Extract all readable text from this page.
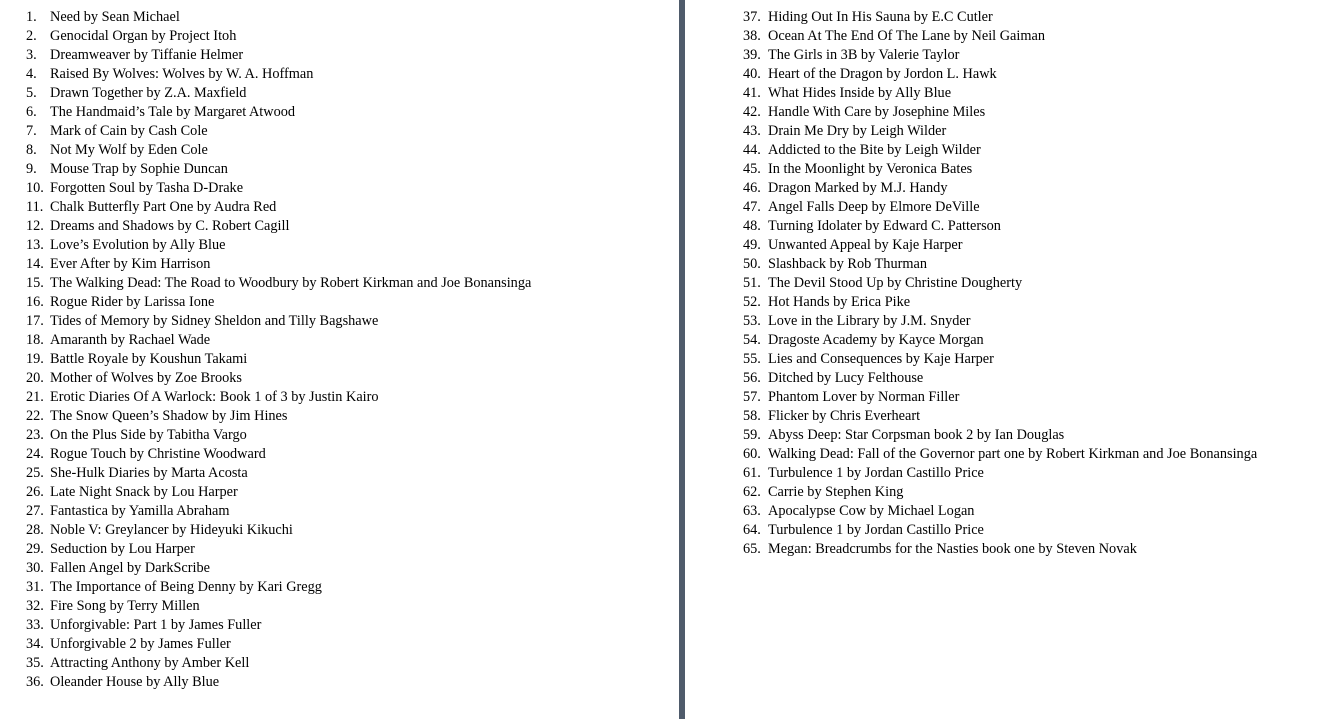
1. Need by Sean Michael
2. Genocidal Organ by Project Itoh
3. Dreamweaver by Tiffanie Helmer
4. Raised By Wolves: Wolves by W. A. Hoffman
5. Drawn Together by Z.A. Maxfield
6. The Handmaid’s Tale by Margaret Atwood
7. Mark of Cain by Cash Cole
8. Not My Wolf by Eden Cole
9. Mouse Trap by Sophie Duncan
10. Forgotten Soul by Tasha D-Drake
11. Chalk Butterfly Part One by Audra Red
12. Dreams and Shadows by C. Robert Cagill
13. Love’s Evolution by Ally Blue
14. Ever After by Kim Harrison
15. The Walking Dead: The Road to Woodbury by Robert Kirkman and Joe Bonansinga
16. Rogue Rider by Larissa Ione
17. Tides of Memory by Sidney Sheldon and Tilly Bagshawe
18. Amaranth by Rachael Wade
19. Battle Royale by Koushun Takami
20. Mother of Wolves by Zoe Brooks
21. Erotic Diaries Of A Warlock: Book 1 of 3 by Justin Kairo
22. The Snow Queen’s Shadow by Jim Hines
23. On the Plus Side by Tabitha Vargo
24. Rogue Touch by Christine Woodward
25. She-Hulk Diaries by Marta Acosta
26. Late Night Snack by Lou Harper
27. Fantastica by Yamilla Abraham
28. Noble V: Greylancer by Hideyuki Kikuchi
29. Seduction by Lou Harper
30. Fallen Angel by DarkScribe
31. The Importance of Being Denny by Kari Gregg
32. Fire Song by Terry Millen
33. Unforgivable: Part 1 by James Fuller
34. Unforgivable 2 by James Fuller
35. Attracting Anthony by Amber Kell
36. Oleander House by Ally Blue
37. Hiding Out In His Sauna by E.C Cutler
38. Ocean At The End Of The Lane by Neil Gaiman
39. The Girls in 3B by Valerie Taylor
40. Heart of the Dragon by Jordon L. Hawk
41. What Hides Inside by Ally Blue
42. Handle With Care by Josephine Miles
43. Drain Me Dry by Leigh Wilder
44. Addicted to the Bite by Leigh Wilder
45. In the Moonlight by Veronica Bates
46. Dragon Marked by M.J. Handy
47. Angel Falls Deep by Elmore DeVille
48. Turning Idolater by Edward C. Patterson
49. Unwanted Appeal by Kaje Harper
50. Slashback by Rob Thurman
51. The Devil Stood Up by Christine Dougherty
52. Hot Hands by Erica Pike
53. Love in the Library by J.M. Snyder
54. Dragoste Academy by Kayce Morgan
55. Lies and Consequences by Kaje Harper
56. Ditched by Lucy Felthouse
57. Phantom Lover by Norman Filler
58. Flicker by Chris Everheart
59. Abyss Deep: Star Corpsman book 2 by Ian Douglas
60. Walking Dead: Fall of the Governor part one by Robert Kirkman and Joe Bonansinga
61. Turbulence 1 by Jordan Castillo Price
62. Carrie by Stephen King
63. Apocalypse Cow by Michael Logan
64. Turbulence 1 by Jordan Castillo Price
65. Megan: Breadcrumbs for the Nasties book one by Steven Novak
